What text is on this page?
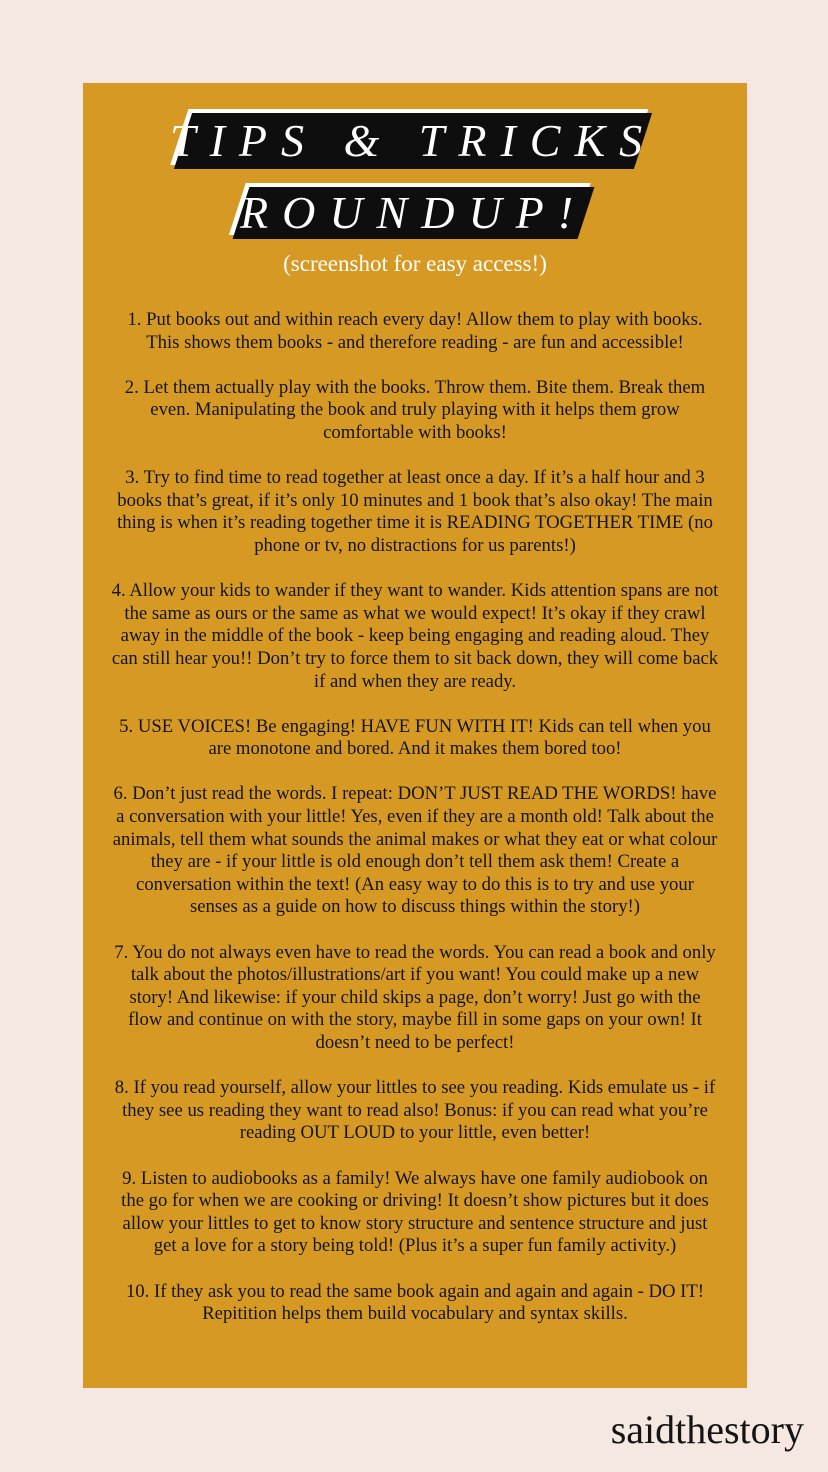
TIPS & TRICKS
ROUNDUP!
(screenshot for easy access!)
1. Put books out and within reach every day! Allow them to play with books. This shows them books - and therefore reading - are fun and accessible!
2. Let them actually play with the books. Throw them. Bite them. Break them even. Manipulating the book and truly playing with it helps them grow comfortable with books!
3. Try to find time to read together at least once a day. If it’s a half hour and 3 books that’s great, if it’s only 10 minutes and 1 book that’s also okay! The main thing is when it’s reading together time it is READING TOGETHER TIME (no phone or tv, no distractions for us parents!)
4. Allow your kids to wander if they want to wander. Kids attention spans are not the same as ours or the same as what we would expect! It’s okay if they crawl away in the middle of the book - keep being engaging and reading aloud. They can still hear you!! Don’t try to force them to sit back down, they will come back if and when they are ready.
5. USE VOICES! Be engaging! HAVE FUN WITH IT! Kids can tell when you are monotone and bored. And it makes them bored too!
6. Don’t just read the words. I repeat: DON’T JUST READ THE WORDS! have a conversation with your little! Yes, even if they are a month old! Talk about the animals, tell them what sounds the animal makes or what they eat or what colour they are - if your little is old enough don’t tell them ask them! Create a conversation within the text! (An easy way to do this is to try and use your senses as a guide on how to discuss things within the story!)
7. You do not always even have to read the words. You can read a book and only talk about the photos/illustrations/art if you want! You could make up a new story! And likewise: if your child skips a page, don’t worry! Just go with the flow and continue on with the story, maybe fill in some gaps on your own! It doesn’t need to be perfect!
8. If you read yourself, allow your littles to see you reading. Kids emulate us - if they see us reading they want to read also! Bonus: if you can read what you’re reading OUT LOUD to your little, even better!
9. Listen to audiobooks as a family! We always have one family audiobook on the go for when we are cooking or driving! It doesn’t show pictures but it does allow your littles to get to know story structure and sentence structure and just get a love for a story being told! (Plus it’s a super fun family activity.)
10. If they ask you to read the same book again and again and again - DO IT! Repitition helps them build vocabulary and syntax skills.
saidthestory
